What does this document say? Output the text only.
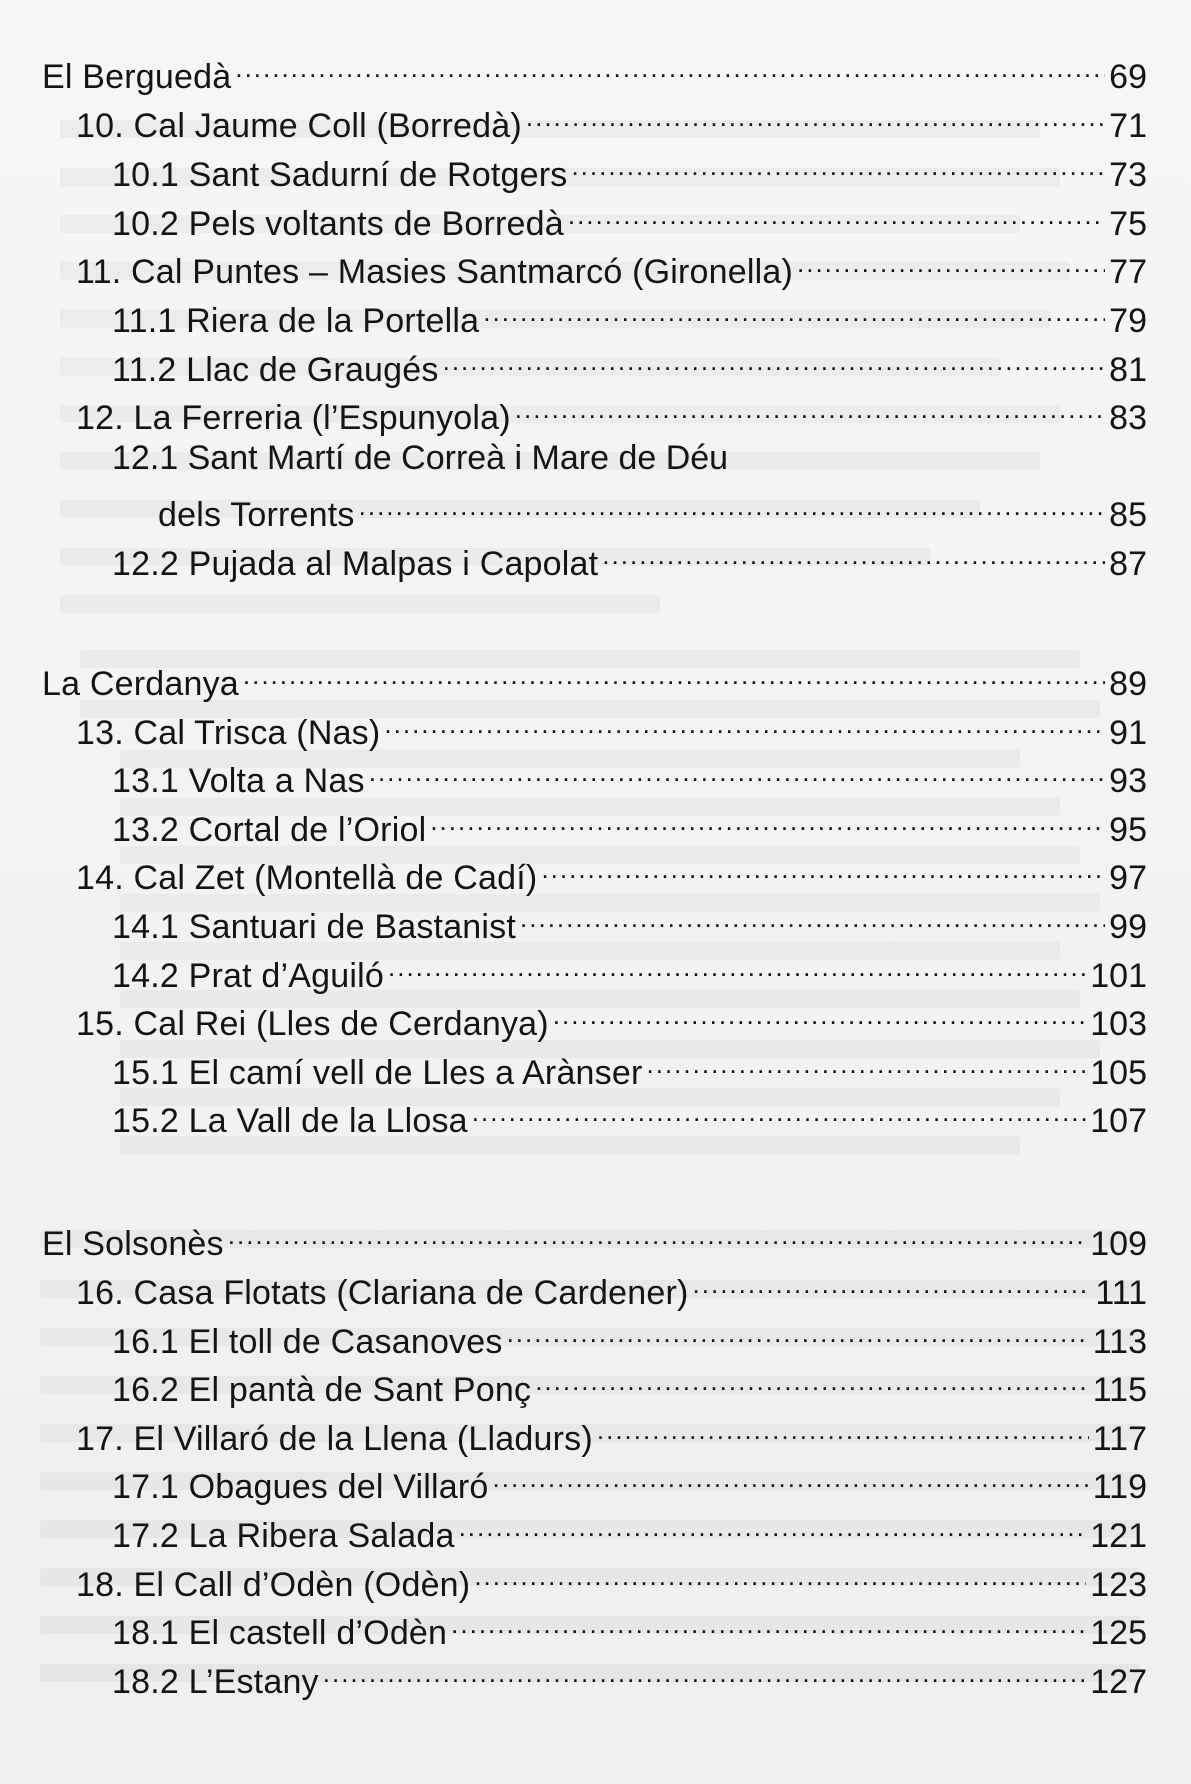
El Berguedà .....	69
10. Cal Jaume Coll (Borredà) .....	71
10.1 Sant Sadurní de Rotgers .....	73
10.2 Pels voltants de Borredà .....	75
11. Cal Puntes – Masies Santmarcó (Gironella) .....	77
11.1 Riera de la Portella .....	79
11.2 Llac de Graugés .....	81
12. La Ferreria (l’Espunyola) .....	83
12.1 Sant Martí de Correà i Mare de Déu
dels Torrents .....	85
12.2 Pujada al Malpas i Capolat .....	87
La Cerdanya .....	89
13. Cal Trisca (Nas) .....	91
13.1 Volta a Nas .....	93
13.2 Cortal de l’Oriol .....	95
14. Cal Zet (Montellà de Cadí) .....	97
14.1 Santuari de Bastanist .....	99
14.2 Prat d’Aguiló .....	101
15. Cal Rei (Lles de Cerdanya) .....	103
15.1 El camí vell de Lles a Arànser .....	105
15.2 La Vall de la Llosa .....	107
El Solsonès .....	109
16. Casa Flotats (Clariana de Cardener) .....	111
16.1 El toll de Casanoves .....	113
16.2 El pantà de Sant Ponç .....	115
17. El Villaró de la Llena (Lladurs) .....	117
17.1 Obagues del Villaró .....	119
17.2 La Ribera Salada .....	121
18. El Call d’Odèn (Odèn) .....	123
18.1 El castell d’Odèn .....	125
18.2 L’Estany .....	127
